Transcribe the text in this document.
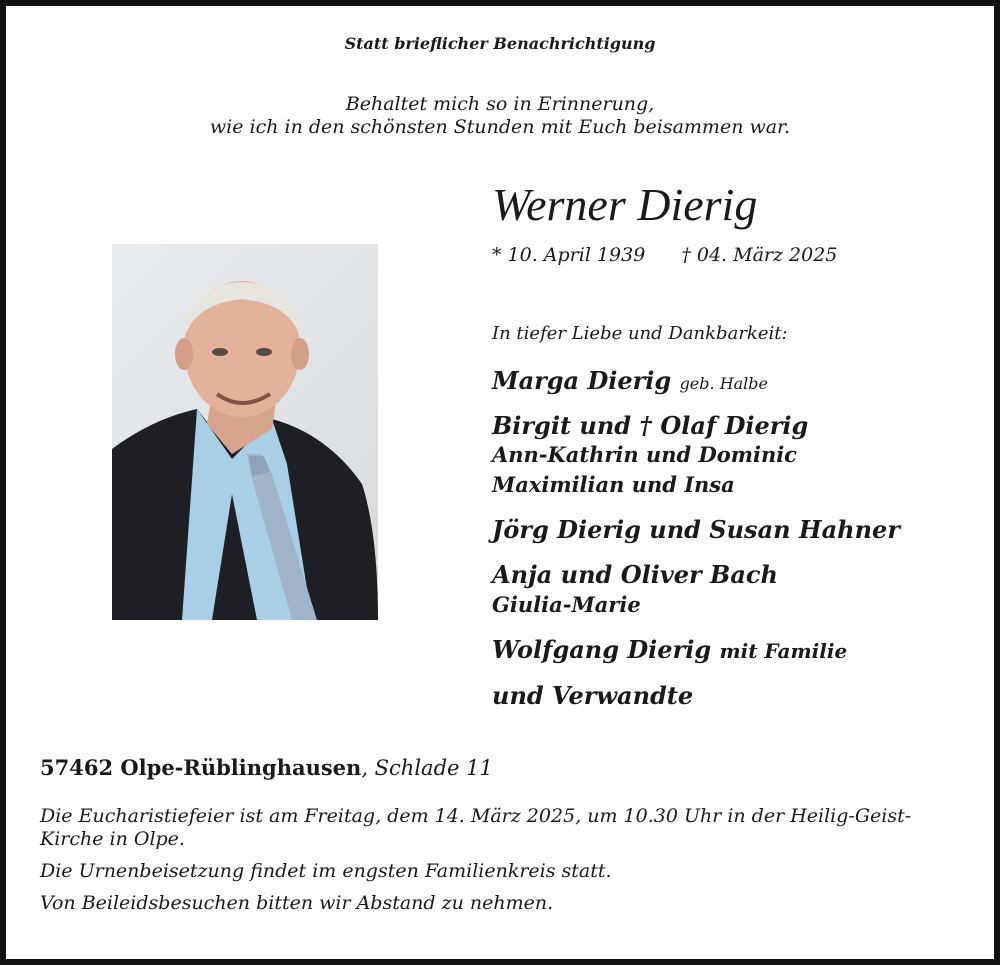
Statt brieflicher Benachrichtigung
Behaltet mich so in Erinnerung,
wie ich in den schönsten Stunden mit Euch beisammen war.
Werner Dierig
* 10. April 1939 † 04. März 2025
In tiefer Liebe und Dankbarkeit:
Marga Dierig geb. Halbe
Birgit und † Olaf Dierig
Ann-Kathrin und Dominic
Maximilian und Insa
Jörg Dierig und Susan Hahner
Anja und Oliver Bach
Giulia-Marie
Wolfgang Dierig mit Familie
und Verwandte
57462 Olpe-Rüblinghausen, Schlade 11

Die Eucharistiefeier ist am Freitag, dem 14. März 2025, um 10.30 Uhr in der Heilig-Geist-Kirche in Olpe.

Die Urnenbeisetzung findet im engsten Familienkreis statt.

Von Beileidsbesuchen bitten wir Abstand zu nehmen.
